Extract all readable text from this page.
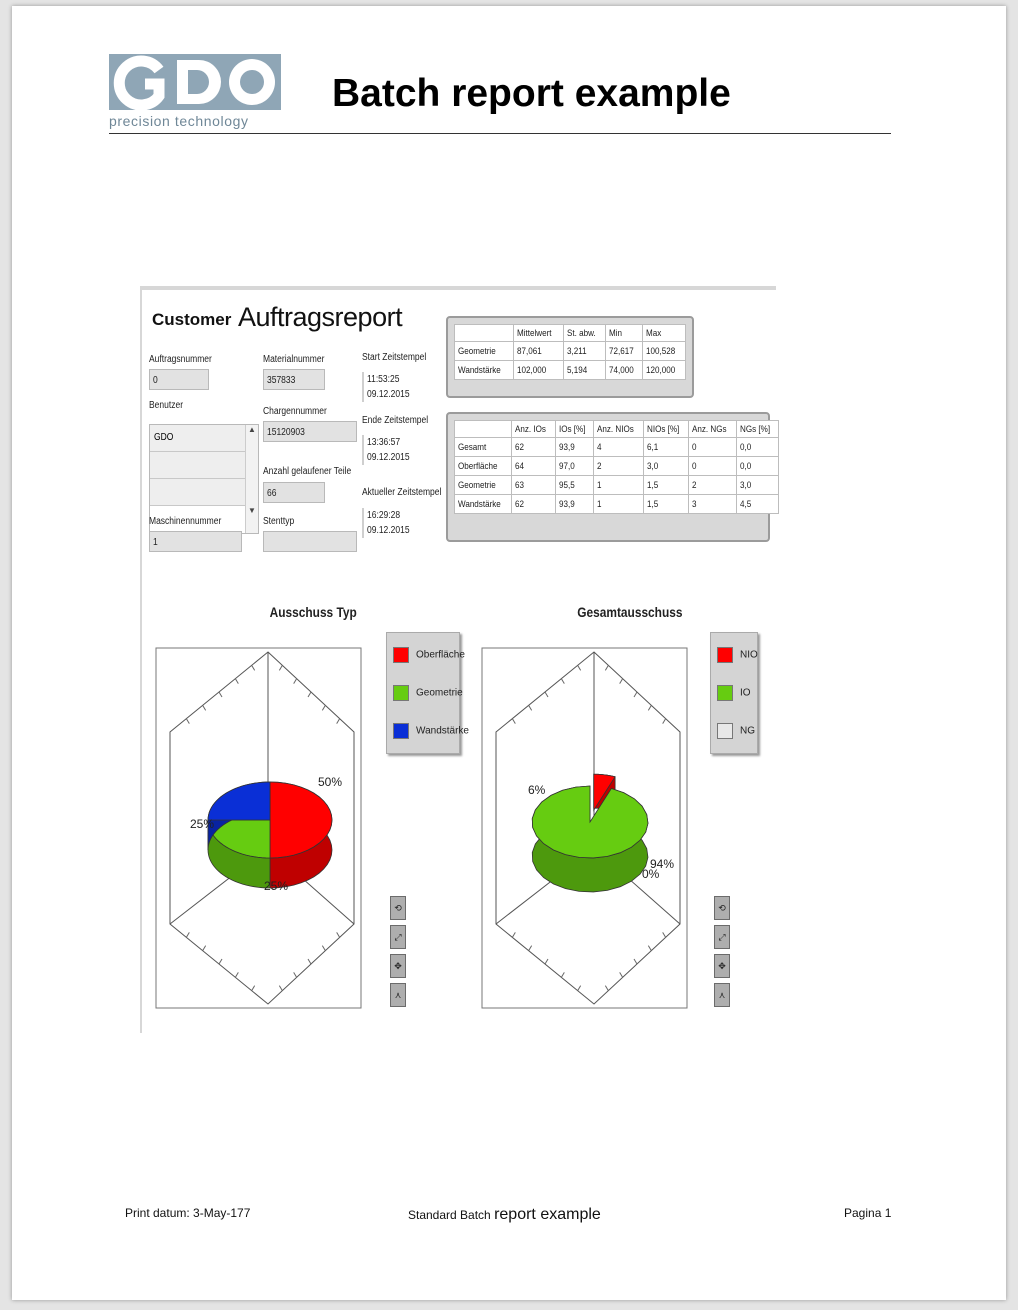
precision technology
Batch report example
Customer Auftragsreport
Auftragsnummer
0
Benutzer
GDO
▲

▼
Maschinennummer
1
Materialnummer
357833
Chargennummer
15120903
Anzahl gelaufener Teile
66
Stenttyp
Start Zeitstempel
11:53:25
09.12.2015
Ende Zeitstempel
13:36:57
09.12.2015
Aktueller Zeitstempel
16:29:28
09.12.2015
	Mittelwert	St. abw.	Min	Max
Geometrie	87,061	3,211	72,617	100,528
Wandstärke	102,000	5,194	74,000	120,000
	Anz. IOs	IOs [%]	Anz. NIOs	NIOs [%]	Anz. NGs	NGs [%]
Gesamt	62	93,9	4	6,1	0	0,0
Oberfläche	64	97,0	2	3,0	0	0,0
Geometrie	63	95,5	1	1,5	2	3,0
Wandstärke	62	93,9	1	1,5	3	4,5
Ausschuss Typ	Gesamtausschuss
50%
25%
25%
6%
94%
0%
Oberfläche
Geometrie
Wandstärke
NIO
IO
NG
⟲
⤢
✥
⋏
⟲
⤢
✥
⋏
Print datum: 3-May-177	Standard Batch report example	Pagina 1
